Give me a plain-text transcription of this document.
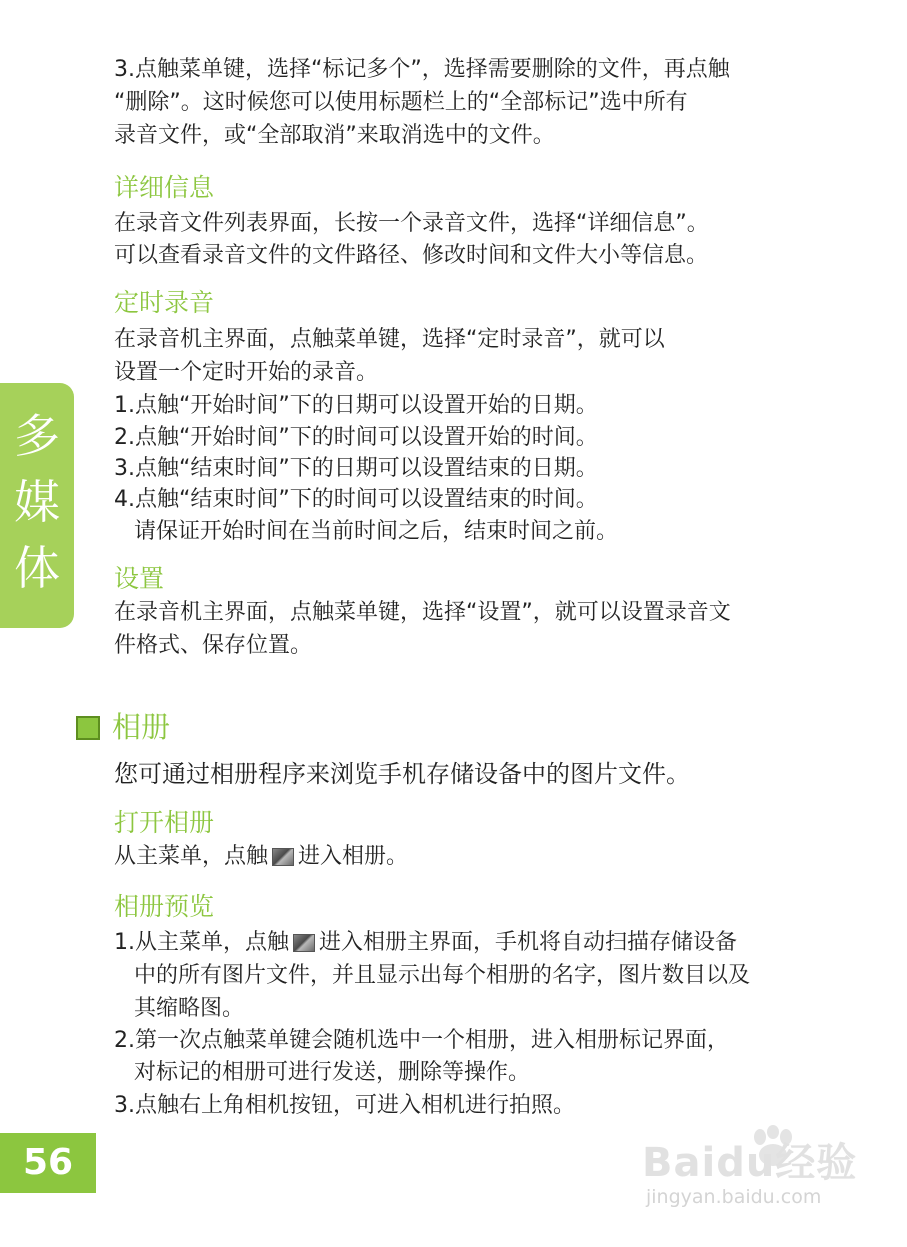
3.点触菜单键，选择“标记多个”，选择需要删除的文件，再点触
“删除”。这时候您可以使用标题栏上的“全部标记”选中所有
录音文件，或“全部取消”来取消选中的文件。
详细信息
在录音文件列表界面，长按一个录音文件，选择“详细信息”。
可以查看录音文件的文件路径、修改时间和文件大小等信息。
定时录音
在录音机主界面，点触菜单键，选择“定时录音”，就可以
设置一个定时开始的录音。
1.点触“开始时间”下的日期可以设置开始的日期。
2.点触“开始时间”下的时间可以设置开始的时间。
3.点触“结束时间”下的日期可以设置结束的日期。
4.点触“结束时间”下的时间可以设置结束的时间。
请保证开始时间在当前时间之后，结束时间之前。
设置
在录音机主界面，点触菜单键，选择“设置”，就可以设置录音文
件格式、保存位置。
多
媒
体
相册
您可通过相册程序来浏览手机存储设备中的图片文件。
打开相册
从主菜单，点触 进入相册。
相册预览
1.从主菜单，点触 进入相册主界面，手机将自动扫描存储设备
中的所有图片文件，并且显示出每个相册的名字，图片数目以及
其缩略图。
2.第一次点触菜单键会随机选中一个相册，进入相册标记界面，
对标记的相册可进行发送，删除等操作。
3.点触右上角相机按钮，可进入相机进行拍照。
56	Baidu经验
jingyan.baidu.com
